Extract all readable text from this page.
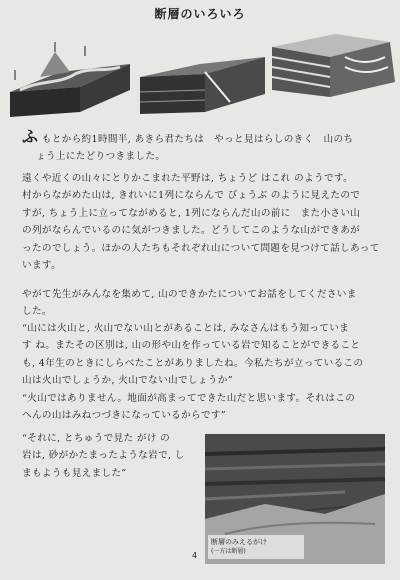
断層のいろいろ

ふ もとから約1時間半, あきら君たちは　やっと見はらしのきく　山のち

ょう上にたどりつきました。

遠くや近くの山々にとりかこまれた平野は, ちょうど はこれ のようです。

村からながめた山は, きれいに1列にならんで びょうぶ のように見えたので

すが, ちょう上に立ってながめると, 1列にならんだ山の前に　また小さい山

の列がならんでいるのに気がつきました。どうしてこのような山ができあが

ったのでしょう。ほかの人たちもそれぞれ山について問題を見つけて話しあって

います。

やがて先生がみんなを集めて, 山のできかたについてお話をしてくださいま

した。

“山には火山と, 火山でない山とがあることは, みなさんはもう知っていま

す ね。またその区別は, 山の形や山を作っている岩で知ることができること

も, 4年生のときにしらべたことがありましたね。今私たちが立っているこの

山は火山でしょうか, 火山でない山でしょうか”

“火山ではありません。地面が高まってできた山だと思います。それはこの

へんの山はみねつづきになっているからです”

“それに, とちゅうで見た がけ の

岩は, 砂がかたまったような岩で, し

まもようも見えました”

断層のみえるがけ
(一方は断層)
4
